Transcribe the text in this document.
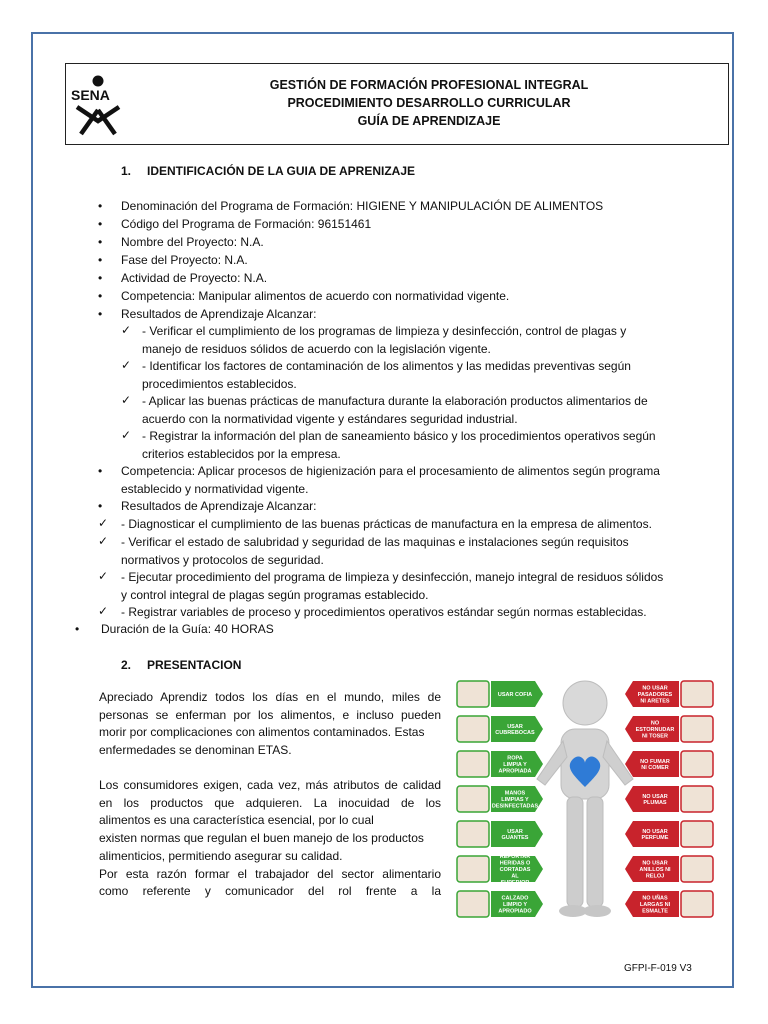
SENA
GESTIÓN DE FORMACIÓN PROFESIONAL INTEGRAL
PROCEDIMIENTO DESARROLLO CURRICULAR
GUÍA DE APRENDIZAJE
1. IDENTIFICACIÓN DE LA GUIA DE APRENIZAJE
• Denominación del Programa de Formación: HIGIENE Y MANIPULACIÓN DE ALIMENTOS
• Código del Programa de Formación: 96151461
• Nombre del Proyecto: N.A.
• Fase del Proyecto: N.A.
• Actividad de Proyecto: N.A.
• Competencia: Manipular alimentos de acuerdo con normatividad vigente.
• Resultados de Aprendizaje Alcanzar:
✓ - Verificar el cumplimiento de los programas de limpieza y desinfección, control de plagas y
manejo de residuos sólidos de acuerdo con la legislación vigente.
✓ - Identificar los factores de contaminación de los alimentos y las medidas preventivas según
procedimientos establecidos.
✓ - Aplicar las buenas prácticas de manufactura durante la elaboración productos alimentarios de
acuerdo con la normatividad vigente y estándares seguridad industrial.
✓ - Registrar la información del plan de saneamiento básico y los procedimientos operativos según
criterios establecidos por la empresa.
• Competencia: Aplicar procesos de higienización para el procesamiento de alimentos según programa
establecido y normatividad vigente.
• Resultados de Aprendizaje Alcanzar:
✓ - Diagnosticar el cumplimiento de las buenas prácticas de manufactura en la empresa de alimentos.
✓ - Verificar el estado de salubridad y seguridad de las maquinas e instalaciones según requisitos
normativos y protocolos de seguridad.
✓ - Ejecutar procedimiento del programa de limpieza y desinfección, manejo integral de residuos sólidos
y control integral de plagas según programas establecido.
✓ - Registrar variables de proceso y procedimientos operativos estándar según normas establecidas.
• Duración de la Guía: 40 HORAS
2. PRESENTACION
Apreciado Aprendiz todos los días en el mundo, miles de
personas se enferman por los alimentos, e incluso pueden
morir por complicaciones con alimentos contaminados. Estas
enfermedades se denominan ETAS.
Los consumidores exigen, cada vez, más atributos de calidad
en los productos que adquieren. La inocuidad de los
alimentos es una característica esencial, por lo cual
existen normas que regulan el buen manejo de los productos
alimenticios, permitiendo asegurar su calidad.
Por esta razón formar el trabajador del sector alimentario
como referente y comunicador del rol frente a la
USAR COFIA
USAR CUBREBOCAS
ROPA LIMPIA Y APROPIADA
MANOS LIMPIAS Y DESINFECTADAS
USAR GUANTES
REPORTAR HERIDAS O CORTADAS AL SUPERIOR
CALZADO LIMPIO Y APROPIADO
NO USAR PASADORES NI ARETES
NO ESTORNUDAR NI TOSER
NO FUMAR NI COMER
NO USAR PLUMAS
NO USAR PERFUME
NO USAR ANILLOS NI RELOJ
NO UÑAS LARGAS NI ESMALTE
GFPI-F-019 V3
